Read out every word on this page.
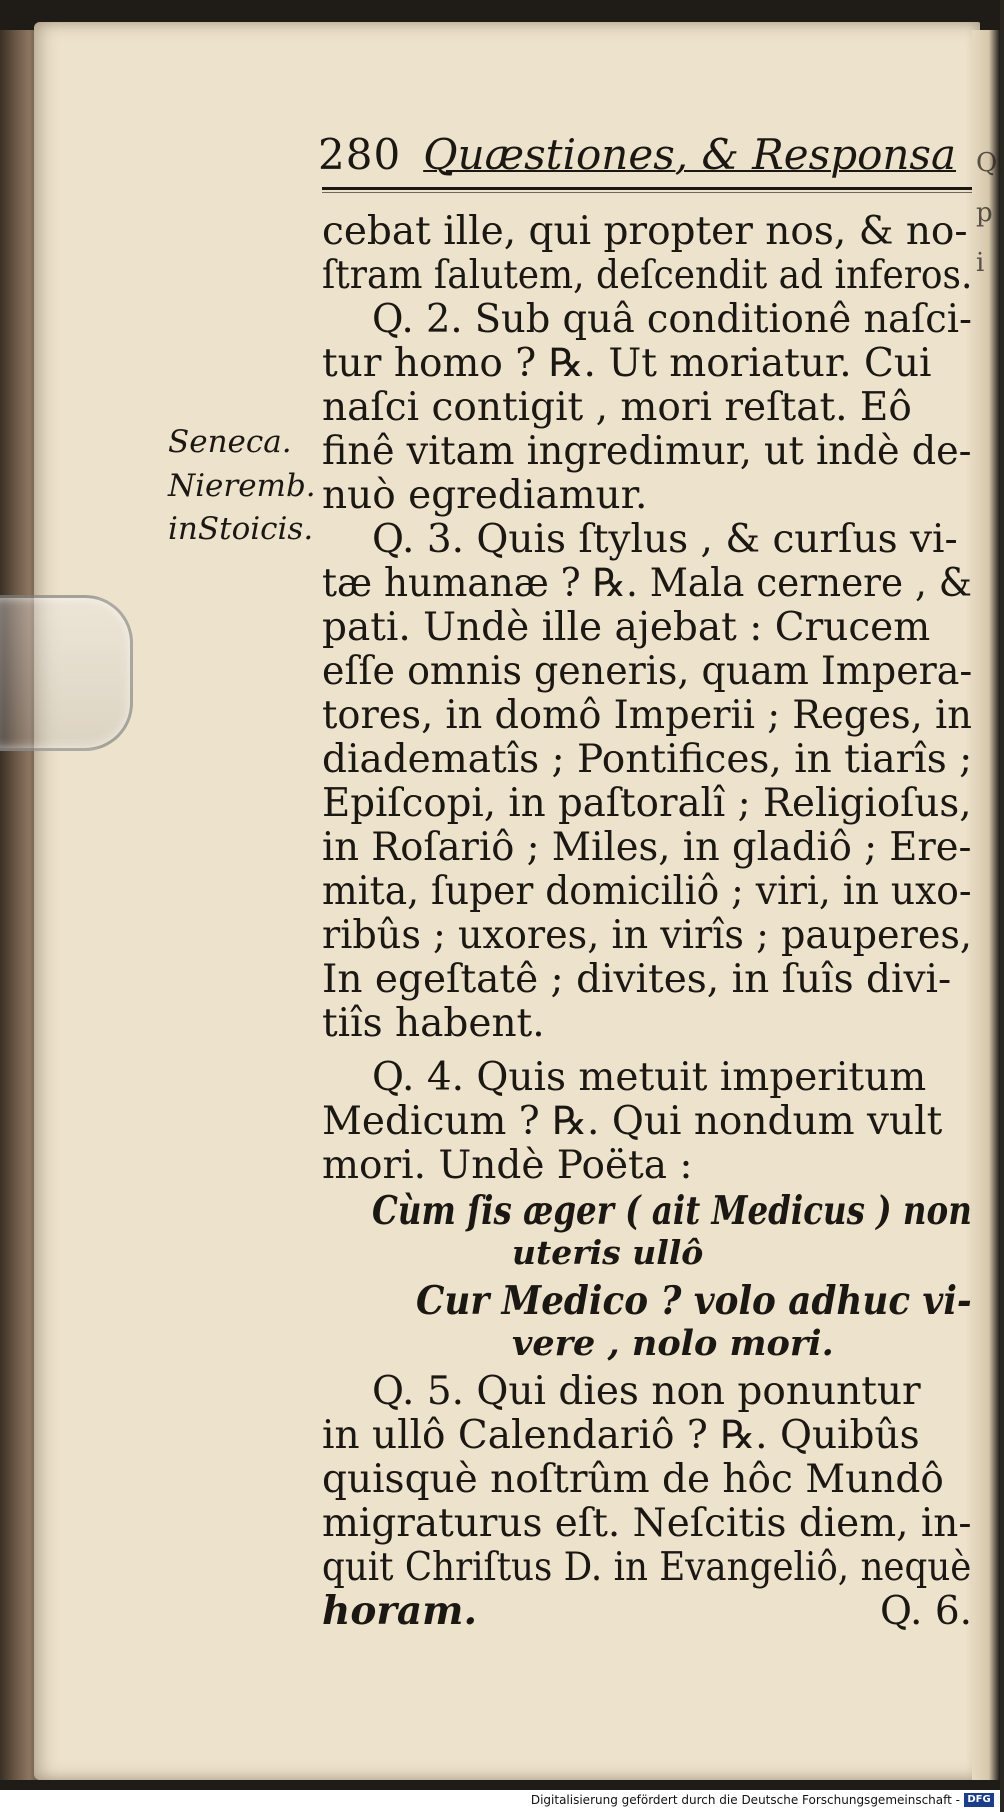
Q.
p
i
280 Quæstiones, & Responsa
Seneca.
Nieremb.
inStoicis.
cebat ille, qui propter nos, & no-
ſtram ſalutem, deſcendit ad inferos.
Q. 2. Sub quâ conditionê naſci-
tur homo ? ℞. Ut moriatur. Cui
naſci contigit , mori reſtat. Eô
finê vitam ingredimur, ut indè de-
nuò egrediamur.
Q. 3. Quis ſtylus , & curſus vi-
tæ humanæ ? ℞. Mala cernere , &
pati. Undè ille ajebat : Crucem
eſſe omnis generis, quam Impera-
tores, in domô Imperii ; Reges, in
diadematîs ; Pontifices, in tiarîs ;
Epiſcopi, in paſtoralî ; Religioſus,
in Roſariô ; Miles, in gladiô ; Ere-
mita, ſuper domiciliô ; viri, in uxo-
ribûs ; uxores, in virîs ; pauperes,
In egeſtatê ; divites, in ſuîs divi-
tiîs habent.
Q. 4. Quis metuit imperitum
Medicum ? ℞. Qui nondum vult
mori. Undè Poëta :
Cùm ſis æger ( ait Medicus ) non
uteris ullô
Cur Medico ? volo adhuc vi-
vere , nolo mori.
Q. 5. Qui dies non ponuntur
in ullô Calendariô ? ℞. Quibûs
quisquè noſtrûm de hôc Mundô
migraturus eſt. Neſcitis diem, in-
quit Chriſtus D. in Evangeliô, nequè
horam.	Q. 6.
Digitalisierung gefördert durch die Deutsche Forschungsgemeinschaft - DFG
